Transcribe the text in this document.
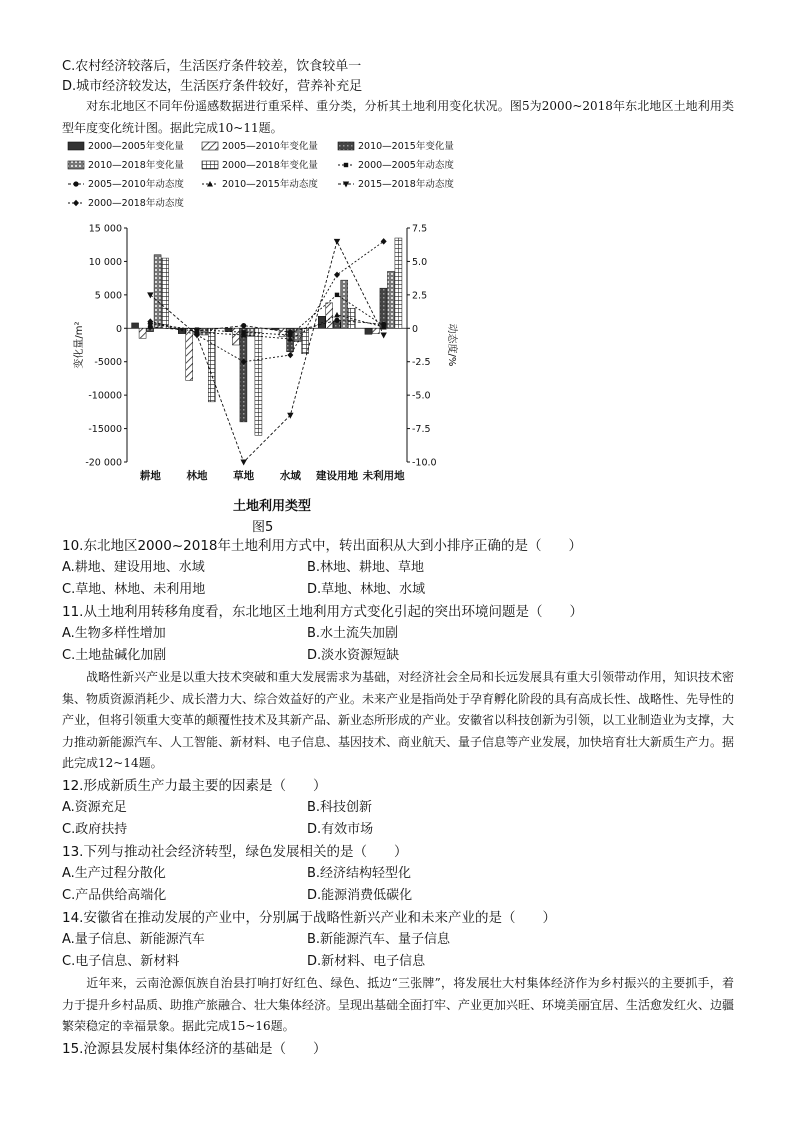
C.农村经济较落后，生活医疗条件较差，饮食较单一
D.城市经济较发达，生活医疗条件较好，营养补充足
对东北地区不同年份遥感数据进行重采样、重分类，分析其土地利用变化状况。图5为2000~2018年东北地区土地利用类型年度变化统计图。据此完成10~11题。
2000—2005年变化量	2005—2010年变化量	2010—2015年变化量
2010—2018年变化量	2000—2018年变化量	2000—2005年动态度
2005—2010年动态度	2010—2015年动态度	2015—2018年动态度
2000—2018年动态度
15 000
10 000
5 000
0
-5000
-10000
-15000
-20 000
7.5
5.0
2.5
0
-2.5
-5.0
-7.5
-10.0
变化量/m²	动态度/%
耕地 林地 草地 水域 建设用地 未利用地
土地利用类型
图5
10.东北地区2000~2018年土地利用方式中，转出面积从大到小排序正确的是（　　）
A.耕地、建设用地、水域	B.林地、耕地、草地
C.草地、林地、未利用地	D.草地、林地、水域
11.从土地利用转移角度看，东北地区土地利用方式变化引起的突出环境问题是（　　）
A.生物多样性增加	B.水土流失加剧
C.土地盐碱化加剧	D.淡水资源短缺
战略性新兴产业是以重大技术突破和重大发展需求为基础，对经济社会全局和长远发展具有重大引领带动作用，知识技术密集、物质资源消耗少、成长潜力大、综合效益好的产业。未来产业是指尚处于孕育孵化阶段的具有高成长性、战略性、先导性的产业，但将引领重大变革的颠覆性技术及其新产品、新业态所形成的产业。安徽省以科技创新为引领，以工业制造业为支撑，大力推动新能源汽车、人工智能、新材料、电子信息、基因技术、商业航天、量子信息等产业发展，加快培育壮大新质生产力。据此完成12~14题。
12.形成新质生产力最主要的因素是（　　）
A.资源充足	B.科技创新
C.政府扶持	D.有效市场
13.下列与推动社会经济转型，绿色发展相关的是（　　）
A.生产过程分散化	B.经济结构轻型化
C.产品供给高端化	D.能源消费低碳化
14.安徽省在推动发展的产业中，分别属于战略性新兴产业和未来产业的是（　　）
A.量子信息、新能源汽车	B.新能源汽车、量子信息
C.电子信息、新材料	D.新材料、电子信息
近年来，云南沧源佤族自治县打响打好红色、绿色、抵边“三张牌”，将发展壮大村集体经济作为乡村振兴的主要抓手，着力于提升乡村品质、助推产旅融合、壮大集体经济。呈现出基础全面打牢、产业更加兴旺、环境美丽宜居、生活愈发红火、边疆繁荣稳定的幸福景象。据此完成15~16题。
15.沧源县发展村集体经济的基础是（　　）
